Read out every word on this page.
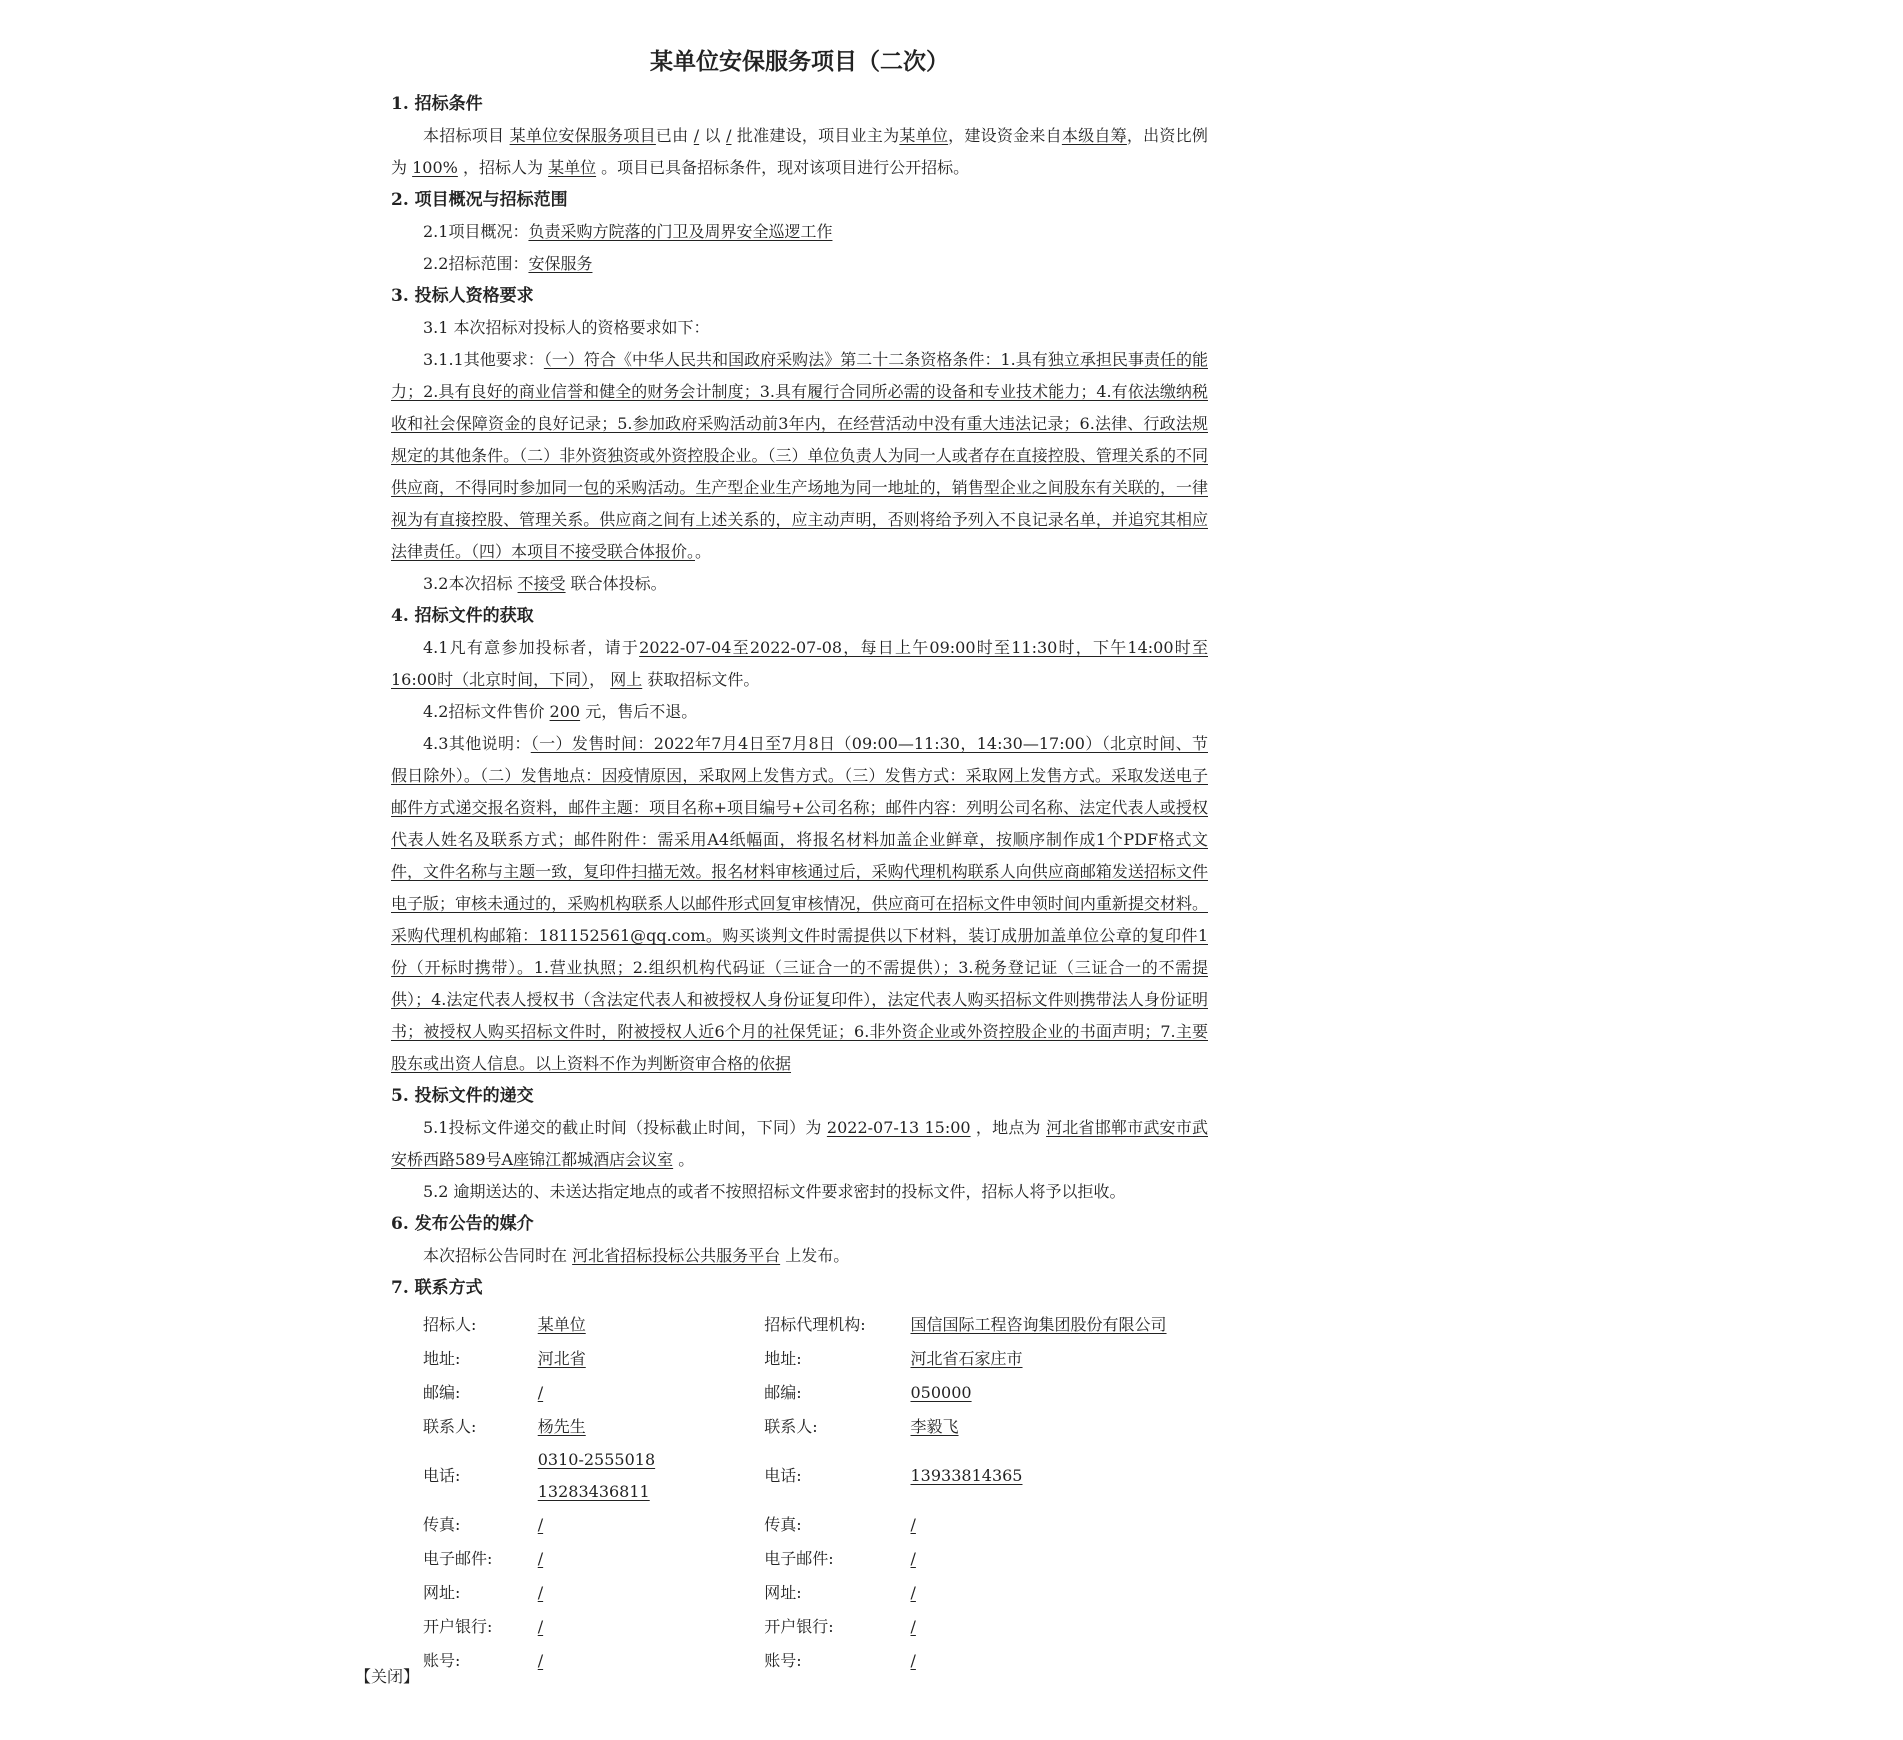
某单位安保服务项目（二次）
1. 招标条件
本招标项目 某单位安保服务项目已由 / 以 / 批准建设，项目业主为某单位，建设资金来自本级自筹，出资比例为 100% ，招标人为 某单位 。项目已具备招标条件，现对该项目进行公开招标。
2. 项目概况与招标范围
2.1项目概况：负责采购方院落的门卫及周界安全巡逻工作
2.2招标范围：安保服务
3. 投标人资格要求
3.1 本次招标对投标人的资格要求如下：
3.1.1其他要求：（一）符合《中华人民共和国政府采购法》第二十二条资格条件：1.具有独立承担民事责任的能力；2.具有良好的商业信誉和健全的财务会计制度；3.具有履行合同所必需的设备和专业技术能力；4.有依法缴纳税收和社会保障资金的良好记录；5.参加政府采购活动前3年内，在经营活动中没有重大违法记录；6.法律、行政法规规定的其他条件。（二）非外资独资或外资控股企业。（三）单位负责人为同一人或者存在直接控股、管理关系的不同供应商，不得同时参加同一包的采购活动。生产型企业生产场地为同一地址的，销售型企业之间股东有关联的，一律视为有直接控股、管理关系。供应商之间有上述关系的，应主动声明，否则将给予列入不良记录名单，并追究其相应法律责任。（四）本项目不接受联合体报价。。
3.2本次招标 不接受 联合体投标。
4. 招标文件的获取
4.1凡有意参加投标者，请于2022-07-04至2022-07-08，每日上午09:00时至11:30时，下午14:00时至16:00时（北京时间，下同）， 网上 获取招标文件。
4.2招标文件售价 200 元，售后不退。
4.3其他说明：（一）发售时间：2022年7月4日至7月8日（09:00—11:30，14:30—17:00）（北京时间、节假日除外）。（二）发售地点：因疫情原因，采取网上发售方式。（三）发售方式：采取网上发售方式。采取发送电子邮件方式递交报名资料，邮件主题：项目名称+项目编号+公司名称；邮件内容：列明公司名称、法定代表人或授权代表人姓名及联系方式；邮件附件：需采用A4纸幅面，将报名材料加盖企业鲜章，按顺序制作成1个PDF格式文件，文件名称与主题一致，复印件扫描无效。报名材料审核通过后，采购代理机构联系人向供应商邮箱发送招标文件电子版；审核未通过的，采购机构联系人以邮件形式回复审核情况，供应商可在招标文件申领时间内重新提交材料。采购代理机构邮箱：181152561@qq.com。购买谈判文件时需提供以下材料，装订成册加盖单位公章的复印件1份（开标时携带）。1.营业执照；2.组织机构代码证（三证合一的不需提供）；3.税务登记证（三证合一的不需提供）；4.法定代表人授权书（含法定代表人和被授权人身份证复印件），法定代表人购买招标文件则携带法人身份证明书；被授权人购买招标文件时，附被授权人近6个月的社保凭证；6.非外资企业或外资控股企业的书面声明；7.主要股东或出资人信息。以上资料不作为判断资审合格的依据
5. 投标文件的递交
5.1投标文件递交的截止时间（投标截止时间，下同）为 2022-07-13 15:00 ，地点为 河北省邯郸市武安市武安桥西路589号A座锦江都城酒店会议室 。
5.2 逾期送达的、未送达指定地点的或者不按照招标文件要求密封的投标文件，招标人将予以拒收。
6. 发布公告的媒介
本次招标公告同时在 河北省招标投标公共服务平台 上发布。
7. 联系方式
招标人:	某单位	招标代理机构:	国信国际工程咨询集团股份有限公司
地址:	河北省	地址:	河北省石家庄市
邮编:	/	邮编:	050000
联系人:	杨先生	联系人:	李毅飞
电话:	0310-2555018 13283436811	电话:	13933814365
传真:	/	传真:	/
电子邮件:	/	电子邮件:	/
网址:	/	网址:	/
开户银行:	/	开户银行:	/
账号:	/	账号:	/
【关闭】
